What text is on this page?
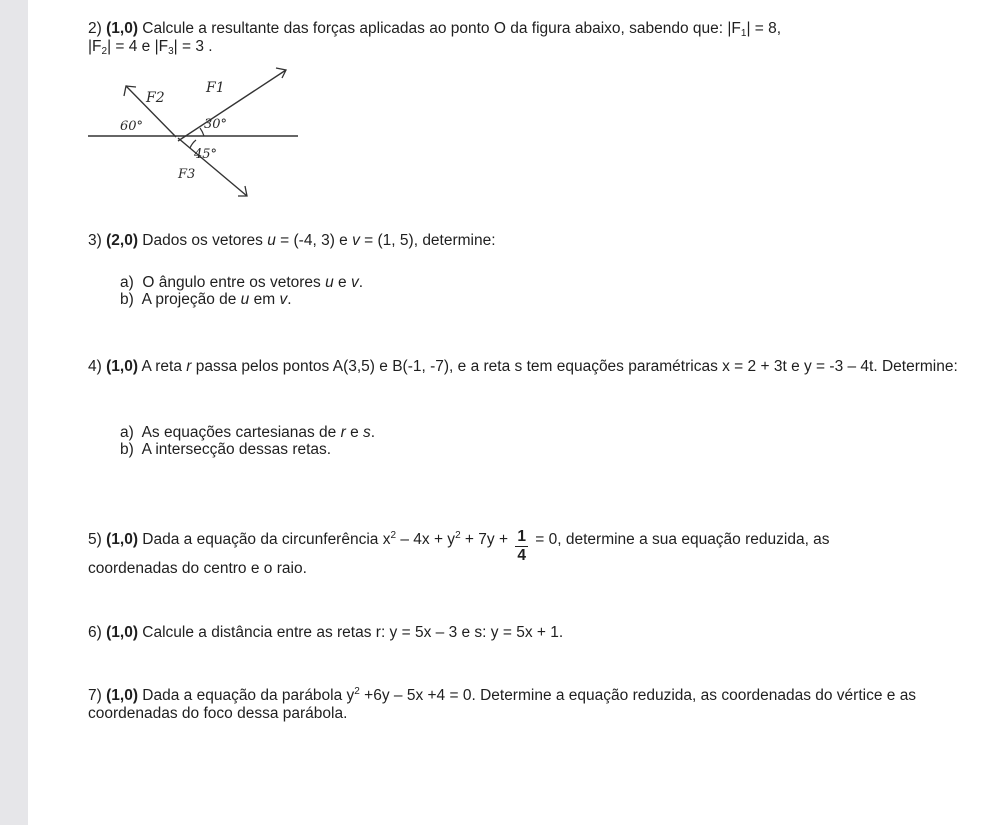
2) (1,0) Calcule a resultante das forças aplicadas ao ponto O da figura abaixo, sabendo que: $|F_1| = 8$,
$|F_2| = 4$ e $|F_3| = 3$ .

F2
F1
60°	30°
45°
F3

3) (2,0) Dados os vetores u = (-4, 3) e v = (1, 5), determine:

a) O ângulo entre os vetores u e v.

b) A projeção de u em v.

4) (1,0) A reta r passa pelos pontos A(3,5) e B(-1, -7), e a reta s tem equações paramétricas x = 2 + 3t e y = -3 – 4t. Determine:

a) As equações cartesianas de r e s.

b) A intersecção dessas retas.

5) (1,0) Dada a equação da circunferência $x^2 - 4x + y^2 + 7y + \frac{1}{4} = 0$, determine a sua equação reduzida, as

coordenadas do centro e o raio.

6) (1,0) Calcule a distância entre as retas r: y = 5x – 3 e s: y = 5x + 1.

7) (1,0) Dada a equação da parábola $y^2 +6y - 5x +4 = 0$. Determine a equação reduzida, as coordenadas do vértice e as coordenadas do foco dessa parábola.
